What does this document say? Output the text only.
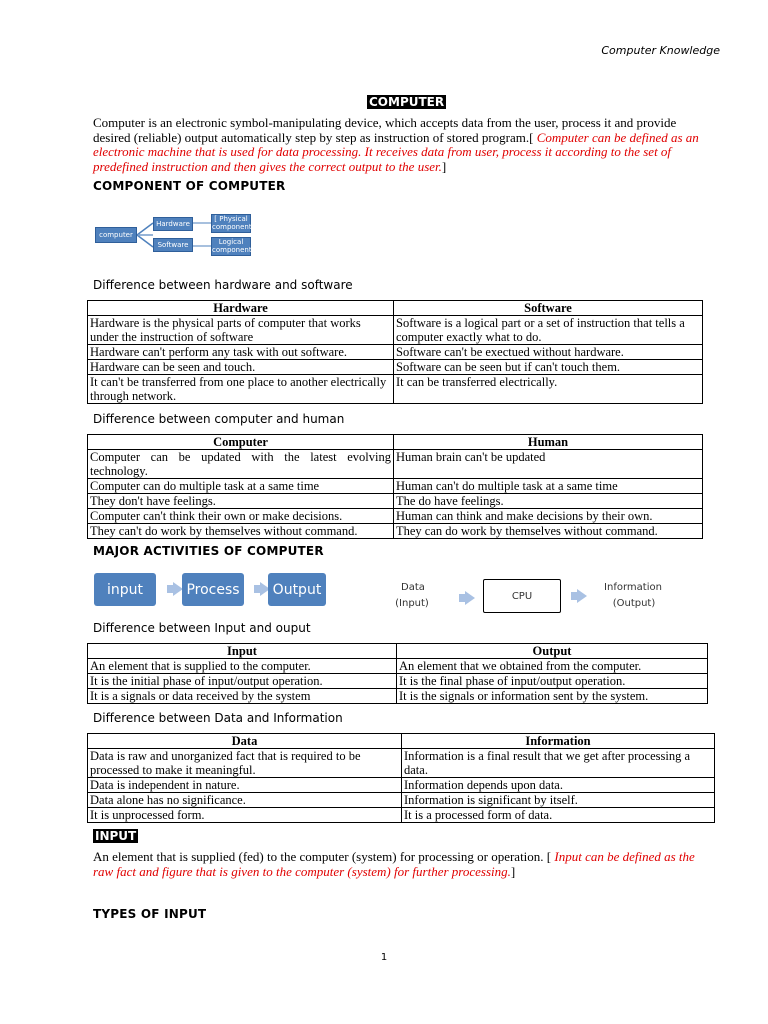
Computer Knowledge
COMPUTER
Computer is an electronic symbol-manipulating device, which accepts data from the user, process it and provide desired (reliable) output automatically step by step as instruction of stored program.[ Computer can be defined as an electronic machine that is used for data processing. It receives data from user, process it according to the set of predefined instruction and then gives the correct output to the user.]
COMPONENT OF COMPUTER
computer
Hardware
Software
[ Physical component]
Logical component
Difference between hardware and software
Hardware	Software
Hardware is the physical parts of computer that works under the instruction of software	Software is a logical part or a set of instruction that tells a computer exactly what to do.
Hardware can't perform any task with out software.	Software can't be exectued without hardware.
Hardware can be seen and touch.	Software can be seen but if can't touch them.
It can't be transferred from one place to another electrically through network.	It can be transferred electrically.
Difference between computer and human
Computer	Human
Computer can be updated with the latest evolving technology.	Human brain can't be updated
Computer can do multiple task at a same time	Human can't do multiple task at a same time
They don't have feelings.	The do have feelings.
Computer can't think their own or make decisions.	Human can think and make decisions by their own.
They can't do work by themselves without command.	They can do work by themselves without command.
MAJOR ACTIVITIES OF COMPUTER
input	Process	Output	Data
(Input)
CPU
Information
(Output)
Difference between Input and ouput
Input	Output
An element that is supplied to the computer.	An element that we obtained from the computer.
It is the initial phase of input/output operation.	It is the final phase of input/output operation.
It is a signals or data received by the system	It is the signals or information sent by the system.
Difference between Data and Information
Data	Information
Data is raw and unorganized fact that is required to be processed to make it meaningful.	Information is a final result that we get after processing a data.
Data is independent in nature.	Information depends upon data.
Data alone has no significance.	Information is significant by itself.
It is unprocessed form.	It is a processed form of data.
INPUT
An element that is supplied (fed) to the computer (system) for processing or operation. [ Input can be defined as the raw fact and figure that is given to the computer (system) for further processing.]
TYPES OF INPUT
1
